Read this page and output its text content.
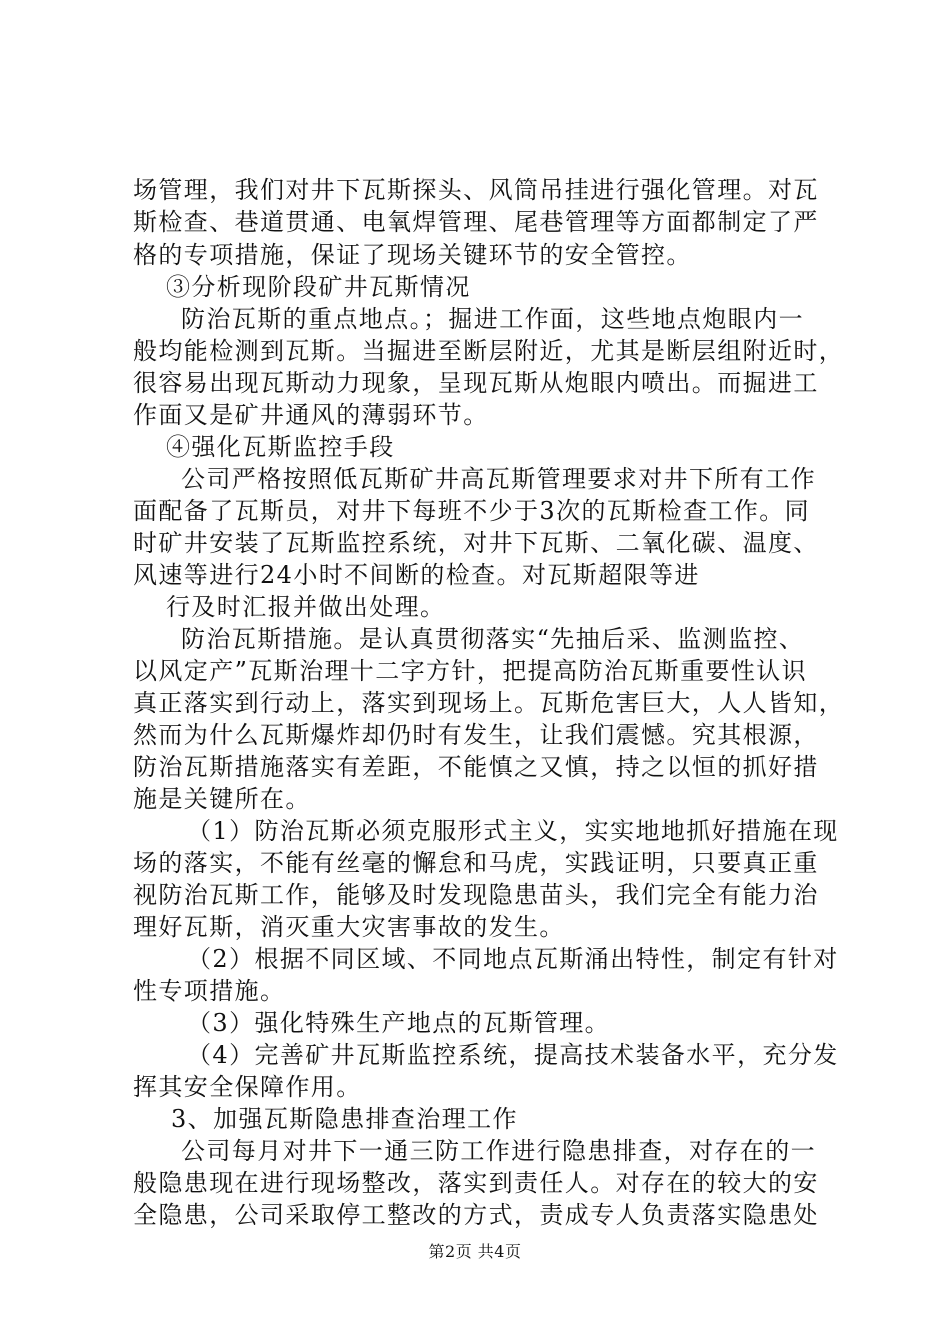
场管理，我们对井下瓦斯探头、风筒吊挂进行强化管理。对瓦
斯检查、巷道贯通、电氧焊管理、尾巷管理等方面都制定了严
格的专项措施，保证了现场关键环节的安全管控。
③分析现阶段矿井瓦斯情况
防治瓦斯的重点地点。；掘进工作面，这些地点炮眼内一
般均能检测到瓦斯。当掘进至断层附近，尤其是断层组附近时，
很容易出现瓦斯动力现象，呈现瓦斯从炮眼内喷出。而掘进工
作面又是矿井通风的薄弱环节。
④强化瓦斯监控手段
公司严格按照低瓦斯矿井高瓦斯管理要求对井下所有工作
面配备了瓦斯员，对井下每班不少于3次的瓦斯检查工作。同
时矿井安装了瓦斯监控系统，对井下瓦斯、二氧化碳、温度、
风速等进行24小时不间断的检查。对瓦斯超限等进
行及时汇报并做出处理。
防治瓦斯措施。是认真贯彻落实“先抽后采、监测监控、
以风定产”瓦斯治理十二字方针，把提高防治瓦斯重要性认识
真正落实到行动上，落实到现场上。瓦斯危害巨大，人人皆知，
然而为什么瓦斯爆炸却仍时有发生，让我们震憾。究其根源，
防治瓦斯措施落实有差距，不能慎之又慎，持之以恒的抓好措
施是关键所在。
（1）防治瓦斯必须克服形式主义，实实地地抓好措施在现
场的落实，不能有丝毫的懈怠和马虎，实践证明，只要真正重
视防治瓦斯工作，能够及时发现隐患苗头，我们完全有能力治
理好瓦斯，消灭重大灾害事故的发生。
（2）根据不同区域、不同地点瓦斯涌出特性，制定有针对
性专项措施。
（3）强化特殊生产地点的瓦斯管理。
（4）完善矿井瓦斯监控系统，提高技术装备水平，充分发
挥其安全保障作用。
3、加强瓦斯隐患排查治理工作
公司每月对井下一通三防工作进行隐患排查，对存在的一
般隐患现在进行现场整改，落实到责任人。对存在的较大的安
全隐患，公司采取停工整改的方式，责成专人负责落实隐患处
第2页 共4页
